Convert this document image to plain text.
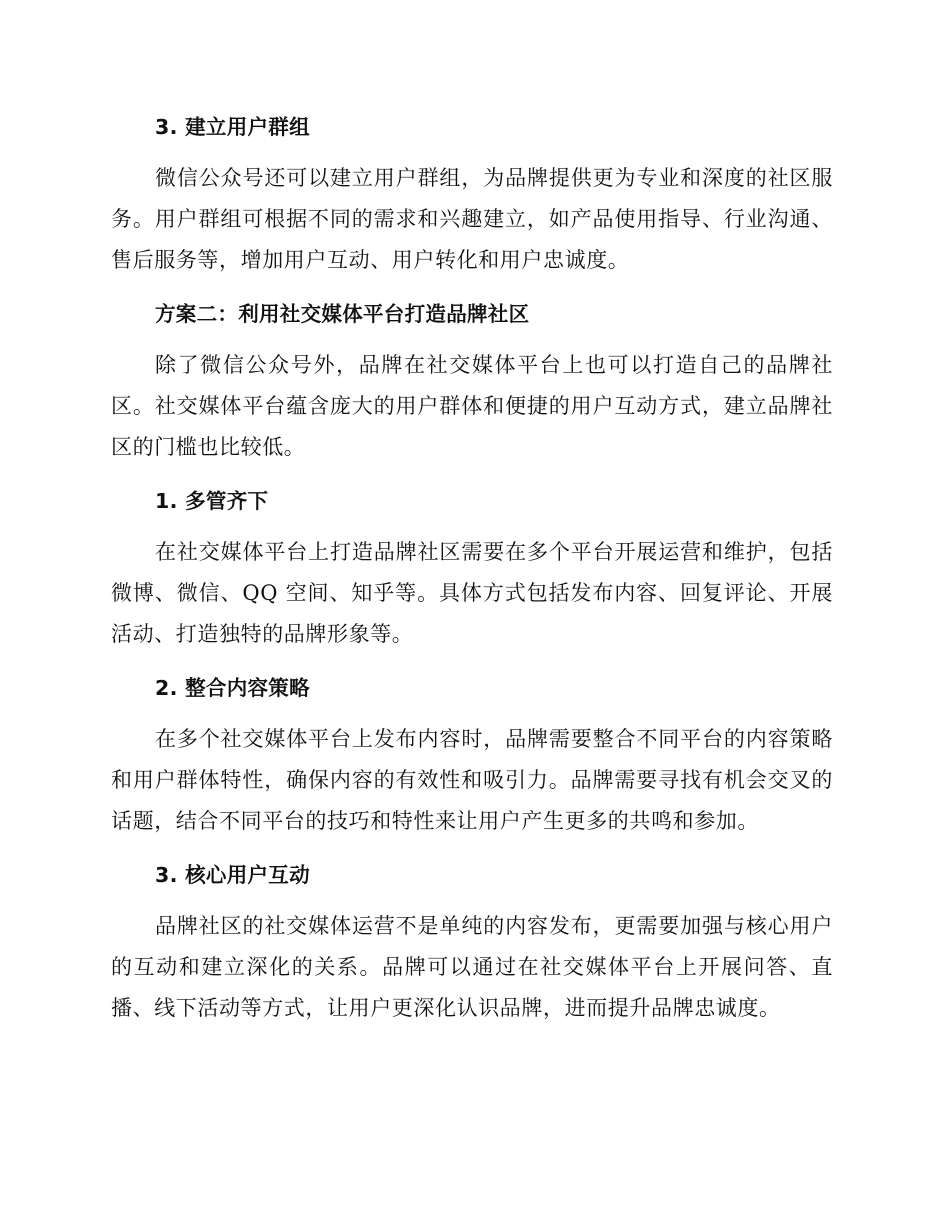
3. 建立用户群组

微信公众号还可以建立用户群组，为品牌提供更为专业和深度的社区服务。用户群组可根据不同的需求和兴趣建立，如产品使用指导、行业沟通、售后服务等，增加用户互动、用户转化和用户忠诚度。

方案二：利用社交媒体平台打造品牌社区

除了微信公众号外，品牌在社交媒体平台上也可以打造自己的品牌社区。社交媒体平台蕴含庞大的用户群体和便捷的用户互动方式，建立品牌社区的门槛也比较低。

1. 多管齐下

在社交媒体平台上打造品牌社区需要在多个平台开展运营和维护，包括微博、微信、QQ 空间、知乎等。具体方式包括发布内容、回复评论、开展活动、打造独特的品牌形象等。

2. 整合内容策略

在多个社交媒体平台上发布内容时，品牌需要整合不同平台的内容策略和用户群体特性，确保内容的有效性和吸引力。品牌需要寻找有机会交叉的话题，结合不同平台的技巧和特性来让用户产生更多的共鸣和参加。

3. 核心用户互动

品牌社区的社交媒体运营不是单纯的内容发布，更需要加强与核心用户的互动和建立深化的关系。品牌可以通过在社交媒体平台上开展问答、直播、线下活动等方式，让用户更深化认识品牌，进而提升品牌忠诚度。
